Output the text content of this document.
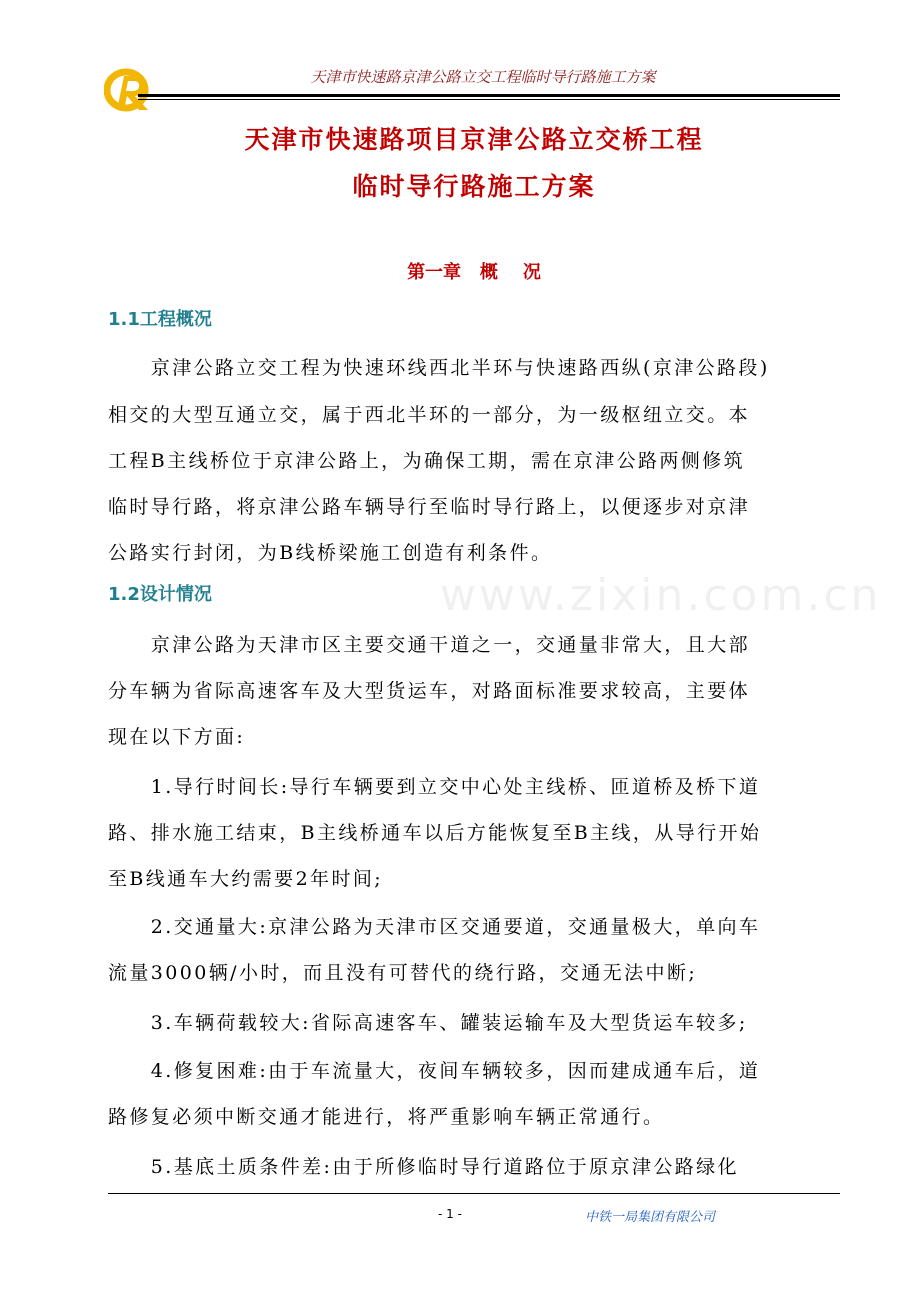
天津市快速路京津公路立交工程临时导行路施工方案
天津市快速路项目京津公路立交桥工程
临时导行路施工方案
第一章   概    况
www.zixin.com.cn
1.1工程概况
　　京津公路立交工程为快速环线西北半环与快速路西纵(京津公路段)
相交的大型互通立交，属于西北半环的一部分，为一级枢纽立交。本
工程B主线桥位于京津公路上，为确保工期，需在京津公路两侧修筑
临时导行路，将京津公路车辆导行至临时导行路上，以便逐步对京津
公路实行封闭，为B线桥梁施工创造有利条件。
1.2设计情况
　　京津公路为天津市区主要交通干道之一，交通量非常大，且大部
分车辆为省际高速客车及大型货运车，对路面标准要求较高，主要体
现在以下方面:
　　1.导行时间长:导行车辆要到立交中心处主线桥、匝道桥及桥下道
路、排水施工结束，B主线桥通车以后方能恢复至B主线，从导行开始
至B线通车大约需要2年时间;
　　2.交通量大:京津公路为天津市区交通要道，交通量极大，单向车
流量3000辆/小时，而且没有可替代的绕行路，交通无法中断;
　　3.车辆荷载较大:省际高速客车、罐装运输车及大型货运车较多;
　　4.修复困难:由于车流量大，夜间车辆较多，因而建成通车后，道
路修复必须中断交通才能进行，将严重影响车辆正常通行。
　　5.基底土质条件差:由于所修临时导行道路位于原京津公路绿化
- 1 -	中铁一局集团有限公司
